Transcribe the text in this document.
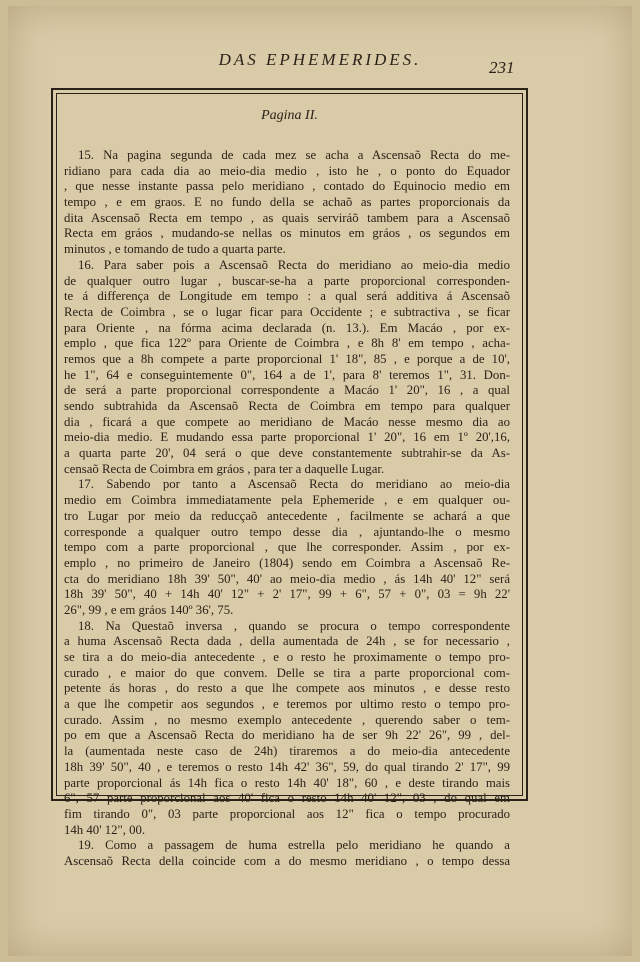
DAS EPHEMERIDES.	231
Pagina II.
15. Na pagina segunda de cada mez se acha a Ascensaõ Recta do me-
ridiano para cada dia ao meio-dia medio , isto he , o ponto do Equador
, que nesse instante passa pelo meridiano , contado do Equinocio medio em
tempo , e em graos. E no fundo della se achaõ as partes proporcionais da
dita Ascensaõ Recta em tempo , as quais serviráõ tambem para a Ascensaõ
Recta em gráos , mudando-se nellas os minutos em gráos , os segundos em
minutos , e tomando de tudo a quarta parte.
16. Para saber pois a Ascensaõ Recta do meridiano ao meio-dia medio
de qualquer outro lugar , buscar-se-ha a parte proporcional corresponden-
te á differença de Longitude em tempo : a qual será additiva á Ascensaõ
Recta de Coimbra , se o lugar ficar para Occidente ; e subtractiva , se ficar
para Oriente , na fórma acima declarada (n. 13.). Em Macáo , por ex-
emplo , que fica 122º para Oriente de Coimbra , e 8h 8' em tempo , acha-
remos que a 8h compete a parte proporcional 1' 18", 85 , e porque a de 10',
he 1", 64 e conseguintemente 0", 164 a de 1', para 8' teremos 1", 31. Don-
de será a parte proporcional correspondente a Macáo 1' 20", 16 , a qual
sendo subtrahida da Ascensaõ Recta de Coimbra em tempo para qualquer
dia , ficará a que compete ao meridiano de Macáo nesse mesmo dia ao
meio-dia medio. E mudando essa parte proporcional 1' 20", 16 em 1º 20',16,
a quarta parte 20', 04 será o que deve constantemente subtrahir-se da As-
censaõ Recta de Coimbra em gráos , para ter a daquelle Lugar.
17. Sabendo por tanto a Ascensaõ Recta do meridiano ao meio-dia
medio em Coimbra immediatamente pela Ephemeride , e em qualquer ou-
tro Lugar por meio da reducçaõ antecedente , facilmente se achará a que
corresponde a qualquer outro tempo desse dia , ajuntando-lhe o mesmo
tempo com a parte proporcional , que lhe corresponder. Assim , por ex-
emplo , no primeiro de Janeiro (1804) sendo em Coimbra a Ascensaõ Re-
cta do meridiano 18h 39' 50", 40' ao meio-dia medio , ás 14h 40' 12" será
18h 39' 50", 40 + 14h 40' 12" + 2' 17", 99 + 6", 57 + 0", 03 = 9h 22'
26", 99 , e em gráos 140º 36', 75.
18. Na Questaõ inversa , quando se procura o tempo correspondente
a huma Ascensaõ Recta dada , della aumentada de 24h , se for necessario ,
se tira a do meio-dia antecedente , e o resto he proximamente o tempo pro-
curado , e maior do que convem. Delle se tira a parte proporcional com-
petente ás horas , do resto a que lhe compete aos minutos , e desse resto
a que lhe competir aos segundos , e teremos por ultimo resto o tempo pro-
curado. Assim , no mesmo exemplo antecedente , querendo saber o tem-
po em que a Ascensaõ Recta do meridiano ha de ser 9h 22' 26", 99 , del-
la (aumentada neste caso de 24h) tiraremos a do meio-dia antecedente
18h 39' 50", 40 , e teremos o resto 14h 42' 36", 59, do qual tirando 2' 17", 99
parte proporcional ás 14h fica o resto 14h 40' 18", 60 , e deste tirando mais
6", 57 parte proporcional aos 40' fica o resto 14h 40' 12", 03 , do qual em
fim tirando 0", 03 parte proporcional aos 12" fica o tempo procurado
14h 40' 12", 00.
19. Como a passagem de huma estrella pelo meridiano he quando a
Ascensaõ Recta della coincide com a do mesmo meridiano , o tempo dessa
